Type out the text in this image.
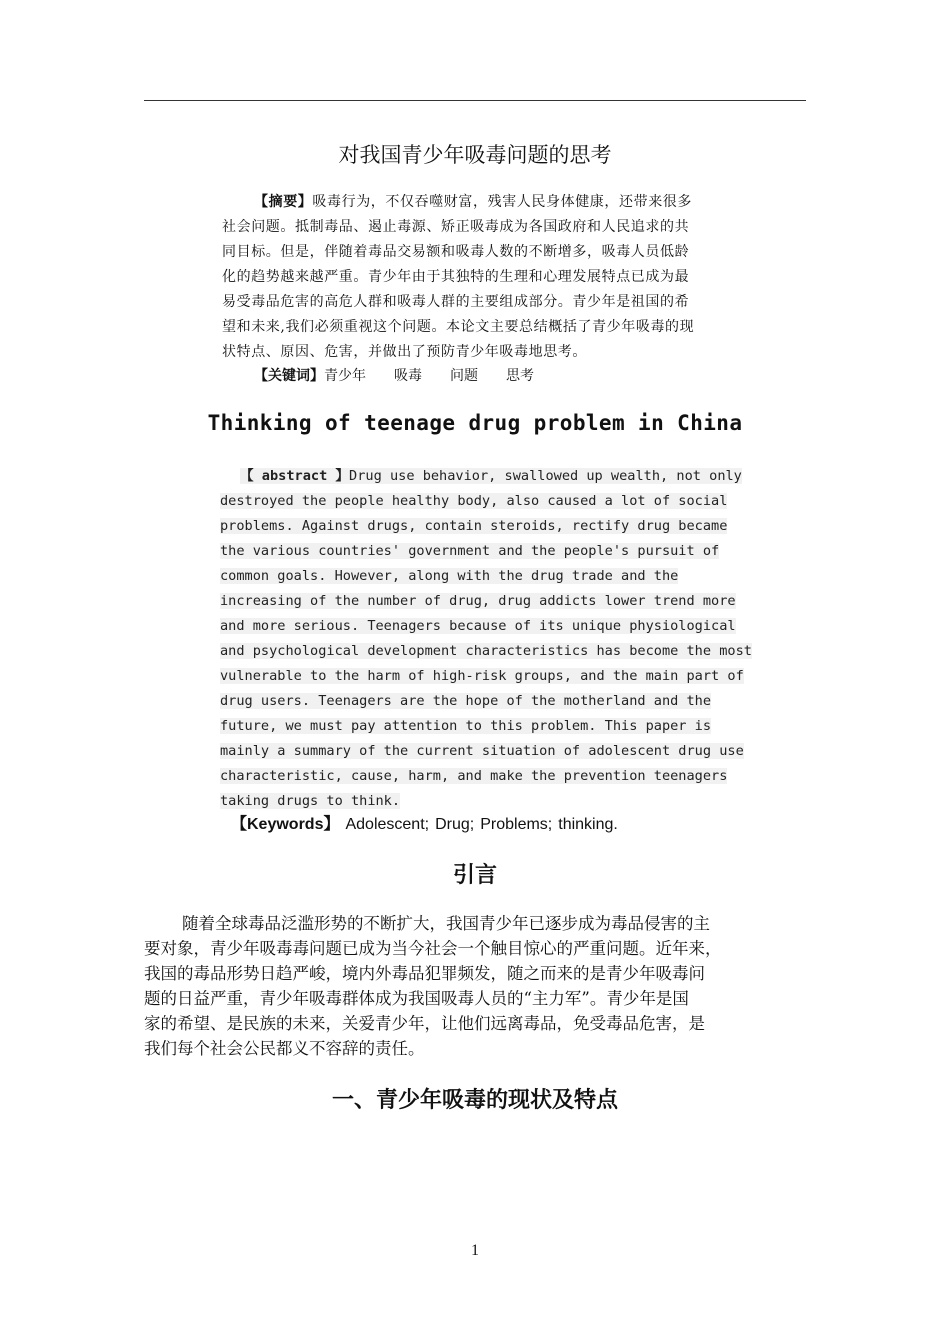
对我国青少年吸毒问题的思考
【摘要】吸毒行为，不仅吞噬财富，残害人民身体健康，还带来很多
社会问题。抵制毒品、遏止毒源、矫正吸毒成为各国政府和人民追求的共
同目标。但是，伴随着毒品交易额和吸毒人数的不断增多，吸毒人员低龄
化的趋势越来越严重。青少年由于其独特的生理和心理发展特点已成为最
易受毒品危害的高危人群和吸毒人群的主要组成部分。青少年是祖国的希
望和未来,我们必须重视这个问题。本论文主要总结概括了青少年吸毒的现
状特点、原因、危害，并做出了预防青少年吸毒地思考。
【关键词】青少年 吸毒 问题 思考
Thinking of teenage drug problem in China
【 abstract 】Drug use behavior, swallowed up wealth, not only
destroyed the people healthy body, also caused a lot of social
problems. Against drugs, contain steroids, rectify drug became
the various countries' government and the people's pursuit of
common goals. However, along with the drug trade and the
increasing of the number of drug, drug addicts lower trend more
and more serious. Teenagers because of its unique physiological
and psychological development characteristics has become the most
vulnerable to the harm of high-risk groups, and the main part of
drug users. Teenagers are the hope of the motherland and the
future, we must pay attention to this problem. This paper is
mainly a summary of the current situation of adolescent drug use
characteristic, cause, harm, and make the prevention teenagers
taking drugs to think.
【Keywords】 Adolescent; Drug; Problems; thinking.
引言
随着全球毒品泛滥形势的不断扩大，我国青少年已逐步成为毒品侵害的主
要对象，青少年吸毒毒问题已成为当今社会一个触目惊心的严重问题。近年来，
我国的毒品形势日趋严峻，境内外毒品犯罪频发，随之而来的是青少年吸毒问
题的日益严重，青少年吸毒群体成为我国吸毒人员的“主力军”。青少年是国
家的希望、是民族的未来，关爱青少年，让他们远离毒品，免受毒品危害，是
我们每个社会公民都义不容辞的责任。
一、青少年吸毒的现状及特点
1
